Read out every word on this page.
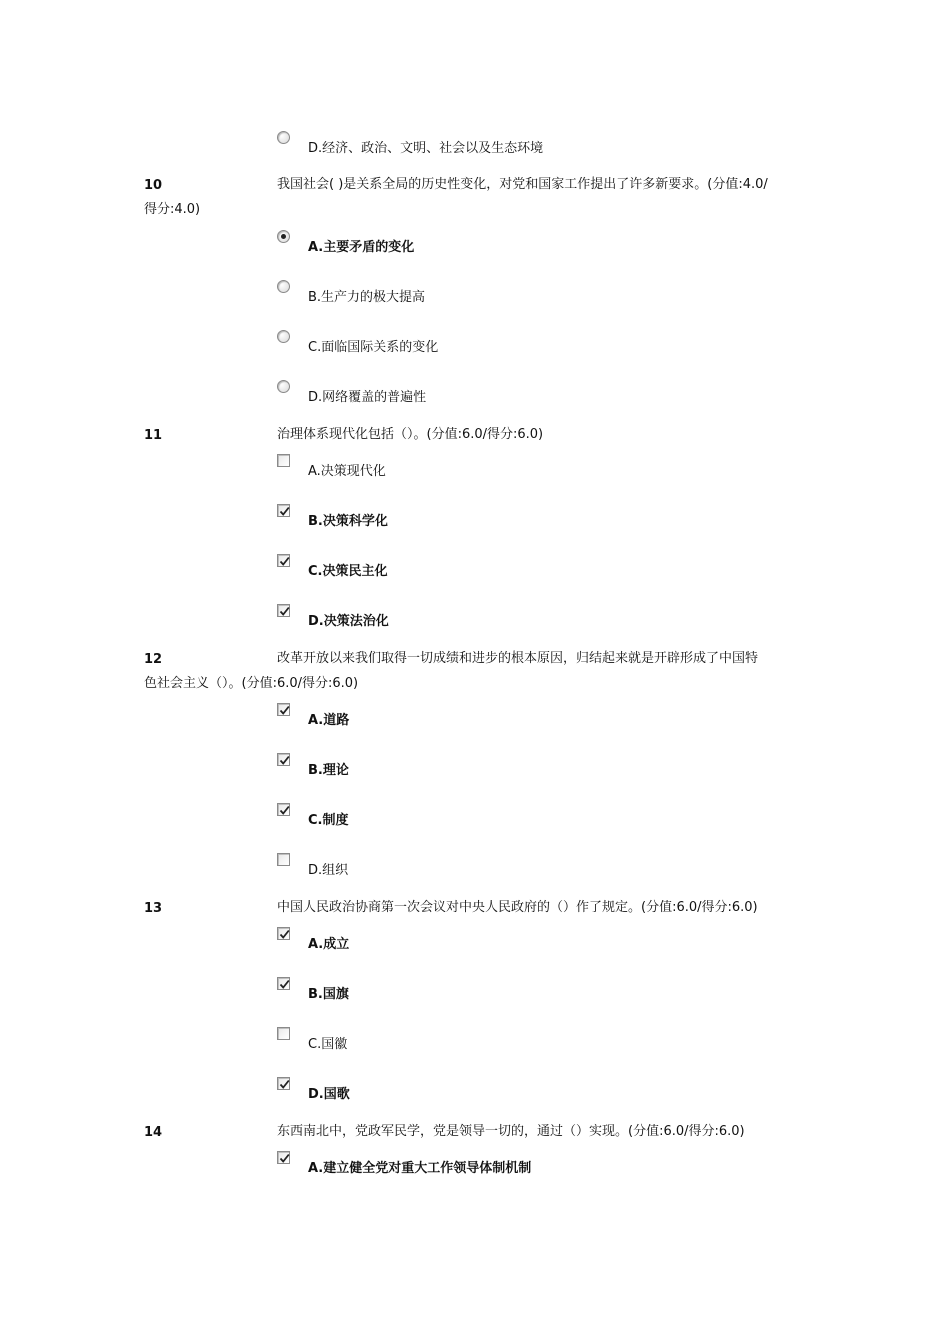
D.经济、政治、文明、社会以及生态环境
10	我国社会( )是关系全局的历史性变化，对党和国家工作提出了许多新要求。(分值:4.0/
得分:4.0)
A.主要矛盾的变化
B.生产力的极大提高
C.面临国际关系的变化
D.网络覆盖的普遍性
11	治理体系现代化包括（）。(分值:6.0/得分:6.0)
A.决策现代化
B.决策科学化
C.决策民主化
D.决策法治化
12	改革开放以来我们取得一切成绩和进步的根本原因，归结起来就是开辟形成了中国特
色社会主义（）。(分值:6.0/得分:6.0)
A.道路
B.理论
C.制度
D.组织
13	中国人民政治协商第一次会议对中央人民政府的（）作了规定。(分值:6.0/得分:6.0)
A.成立
B.国旗
C.国徽
D.国歌
14	东西南北中，党政军民学，党是领导一切的，通过（）实现。(分值:6.0/得分:6.0)
A.建立健全党对重大工作领导体制机制
